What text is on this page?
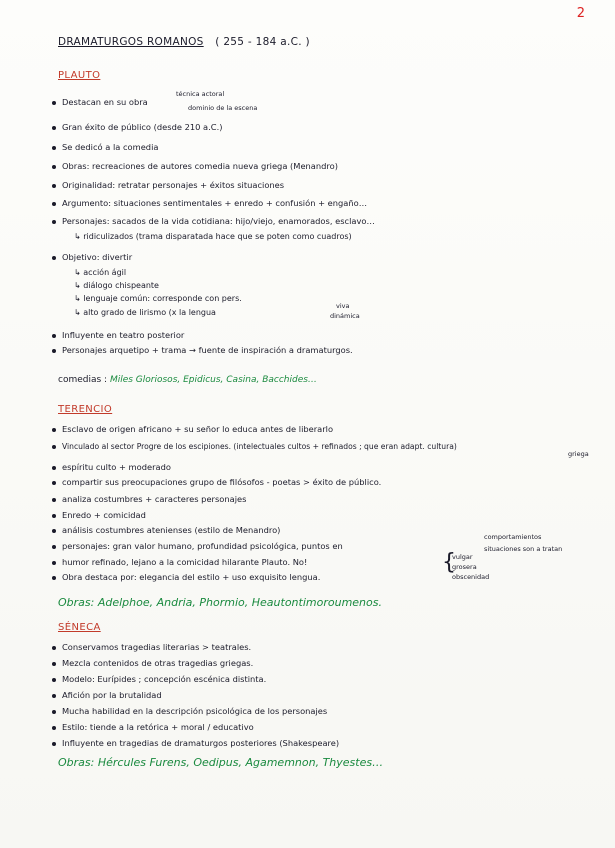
2
DRAMATURGOS ROMANOS ( 255 - 184 a.C. )
PLAUTO
Destacan en su obra
técnica actoral
dominio de la escena
Gran éxito de público (desde 210 a.C.)
Se dedicó a la comedia
Obras: recreaciones de autores comedia nueva griega (Menandro)
Originalidad: retratar personajes + éxitos situaciones
Argumento: situaciones sentimentales + enredo + confusión + engaño…
Personajes: sacados de la vida cotidiana: hijo/viejo, enamorados, esclavo…
↳ ridiculizados (trama disparatada hace que se poten como cuadros)
Objetivo: divertir
↳ acción ágil
↳ diálogo chispeante
↳ lenguaje común: corresponde con pers.
↳ alto grado de lirismo (x la lengua
viva
dinámica
Influyente en teatro posterior
Personajes arquetipo + trama → fuente de inspiración a dramaturgos.
comedias : Miles Gloriosos, Epidicus, Casina, Bacchides…
TERENCIO
Esclavo de origen africano + su señor lo educa antes de liberarlo
Vinculado al sector Progre de los escipiones. (intelectuales cultos + refinados ; que eran adapt. cultura)
griega
espíritu culto + moderado
compartir sus preocupaciones grupo de filósofos - poetas > éxito de público.
analiza costumbres + caracteres personajes
Enredo + comicidad
análisis costumbres atenienses (estilo de Menandro)
personajes: gran valor humano, profundidad psicológica, puntos en
comportamientos
situaciones son a tratan
humor refinado, lejano a la comicidad hilarante Plauto. No!
Obra destaca por: elegancia del estilo + uso exquisito lengua.
{
vulgar
grosera
obscenidad
Obras: Adelphoe, Andria, Phormio, Heautontimoroumenos.
SÉNECA
Conservamos tragedias literarias > teatrales.
Mezcla contenidos de otras tragedias griegas.
Modelo: Eurípides ; concepción escénica distinta.
Afición por la brutalidad
Mucha habilidad en la descripción psicológica de los personajes
Estilo: tiende a la retórica + moral / educativo
Influyente en tragedias de dramaturgos posteriores (Shakespeare)
Obras: Hércules Furens, Oedipus, Agamemnon, Thyestes…
